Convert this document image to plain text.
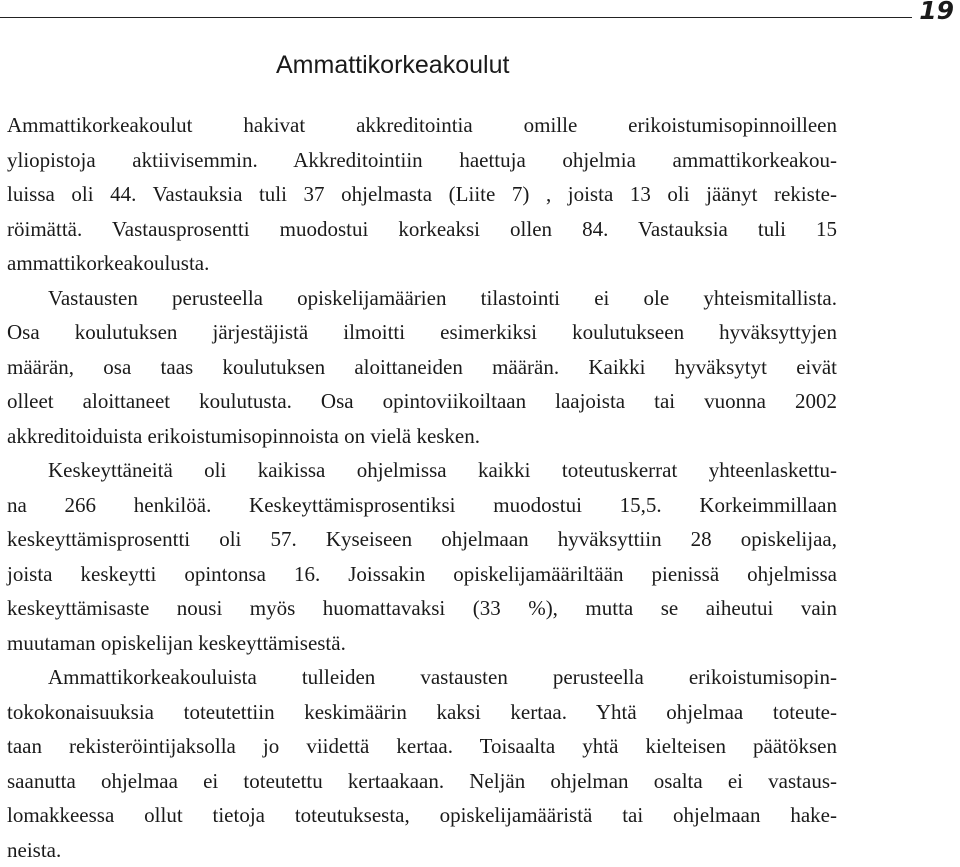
19
Ammattikorkeakoulut
Ammattikorkeakoulut hakivat akkreditointia omille erikoistumisopinnoilleen
yliopistoja aktiivisemmin. Akkreditointiin haettuja ohjelmia ammattikorkeakou-
luissa oli 44. Vastauksia tuli 37 ohjelmasta (Liite 7) , joista 13 oli jäänyt rekiste-
röimättä. Vastausprosentti muodostui korkeaksi ollen 84. Vastauksia tuli 15
ammattikorkeakoulusta.
Vastausten perusteella opiskelijamäärien tilastointi ei ole yhteismitallista.
Osa koulutuksen järjestäjistä ilmoitti esimerkiksi koulutukseen hyväksyttyjen
määrän, osa taas koulutuksen aloittaneiden määrän. Kaikki hyväksytyt eivät
olleet aloittaneet koulutusta. Osa opintoviikoiltaan laajoista tai vuonna 2002
akkreditoiduista erikoistumisopinnoista on vielä kesken.
Keskeyttäneitä oli kaikissa ohjelmissa kaikki toteutuskerrat yhteenlaskettu-
na 266 henkilöä. Keskeyttämisprosentiksi muodostui 15,5. Korkeimmillaan
keskeyttämisprosentti oli 57. Kyseiseen ohjelmaan hyväksyttiin 28 opiskelijaa,
joista keskeytti opintonsa 16. Joissakin opiskelijamääriltään pienissä ohjelmissa
keskeyttämisaste nousi myös huomattavaksi (33 %), mutta se aiheutui vain
muutaman opiskelijan keskeyttämisestä.
Ammattikorkeakouluista tulleiden vastausten perusteella erikoistumisopin-
tokokonaisuuksia toteutettiin keskimäärin kaksi kertaa. Yhtä ohjelmaa toteute-
taan rekisteröintijaksolla jo viidettä kertaa. Toisaalta yhtä kielteisen päätöksen
saanutta ohjelmaa ei toteutettu kertaakaan. Neljän ohjelman osalta ei vastaus-
lomakkeessa ollut tietoja toteutuksesta, opiskelijamääristä tai ohjelmaan hake-
neista.
